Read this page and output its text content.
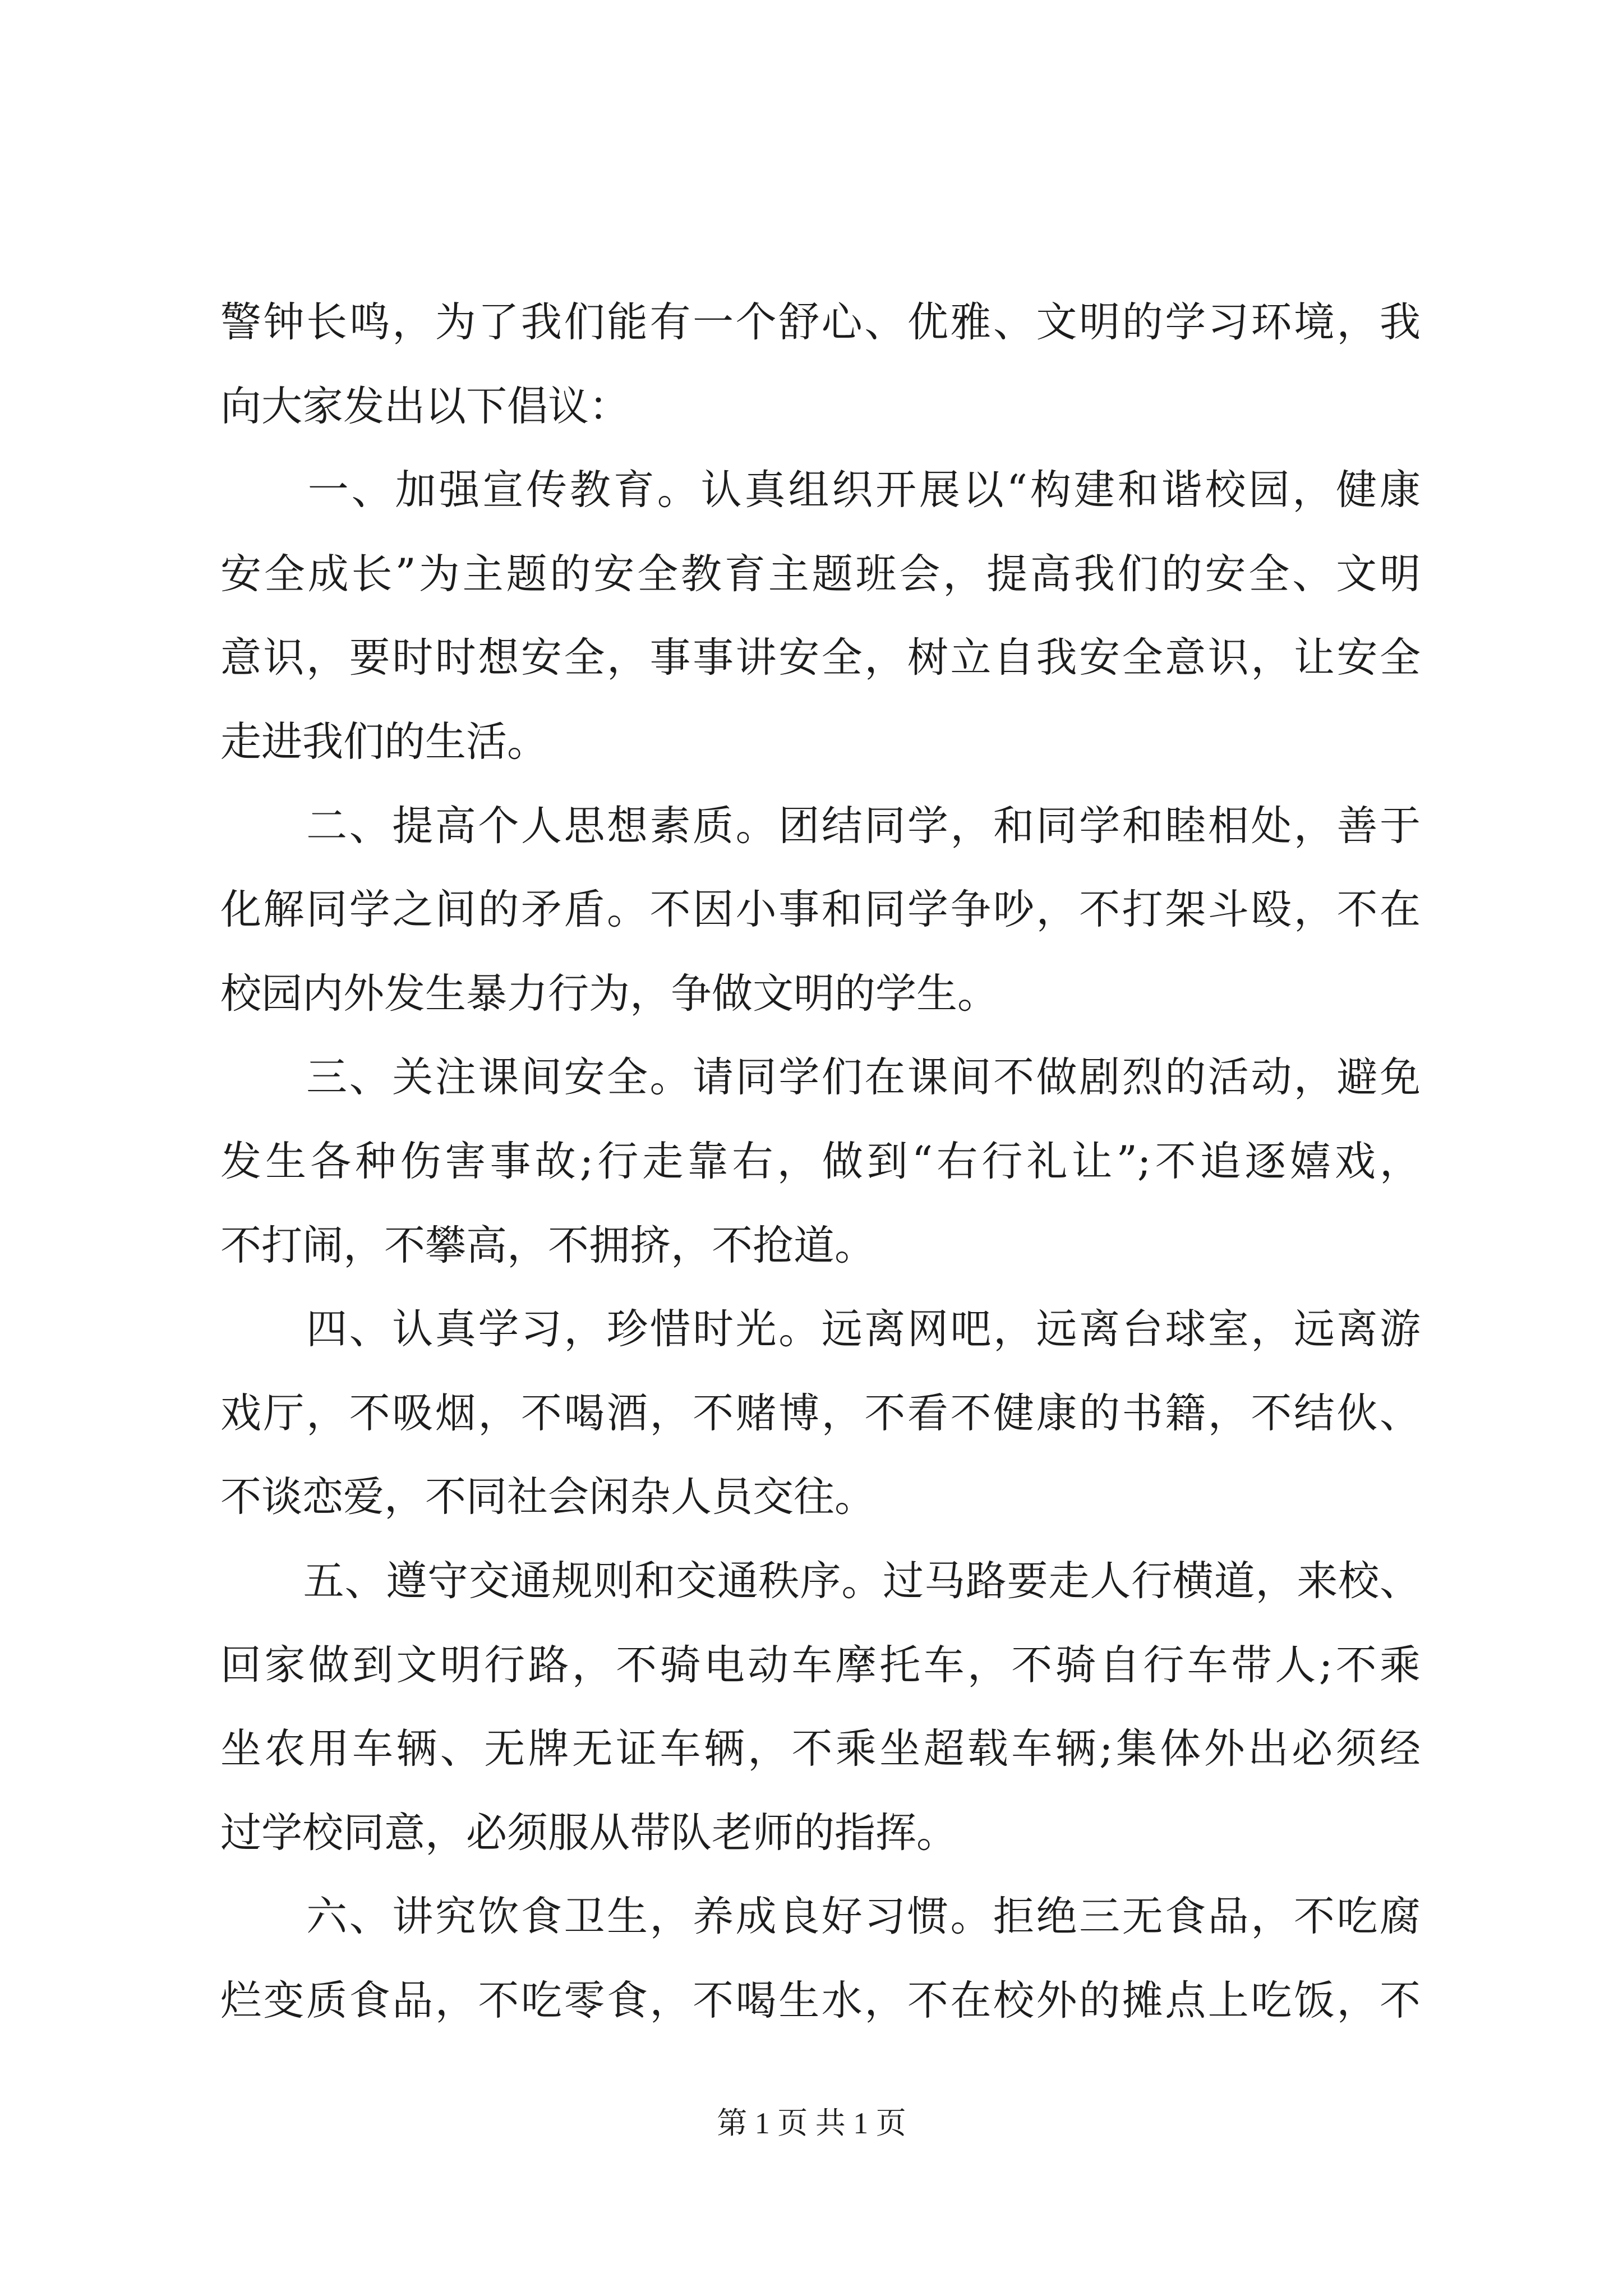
警钟长鸣，为了我们能有一个舒心、优雅、文明的学习环境，我
向大家发出以下倡议：
　　一、加强宣传教育。认真组织开展以“构建和谐校园，健康
安全成长”为主题的安全教育主题班会，提高我们的安全、文明
意识，要时时想安全，事事讲安全，树立自我安全意识，让安全
走进我们的生活。
　　二、提高个人思想素质。团结同学，和同学和睦相处，善于
化解同学之间的矛盾。不因小事和同学争吵，不打架斗殴，不在
校园内外发生暴力行为，争做文明的学生。
　　三、关注课间安全。请同学们在课间不做剧烈的活动，避免
发生各种伤害事故;行走靠右，做到“右行礼让”;不追逐嬉戏，
不打闹，不攀高，不拥挤，不抢道。
　　四、认真学习，珍惜时光。远离网吧，远离台球室，远离游
戏厅，不吸烟，不喝酒，不赌博，不看不健康的书籍，不结伙、
不谈恋爱，不同社会闲杂人员交往。
　　五、遵守交通规则和交通秩序。过马路要走人行横道，来校、
回家做到文明行路，不骑电动车摩托车，不骑自行车带人;不乘
坐农用车辆、无牌无证车辆，不乘坐超载车辆;集体外出必须经
过学校同意，必须服从带队老师的指挥。
　　六、讲究饮食卫生，养成良好习惯。拒绝三无食品，不吃腐
烂变质食品，不吃零食，不喝生水，不在校外的摊点上吃饭，不
第 1 页 共 1 页
